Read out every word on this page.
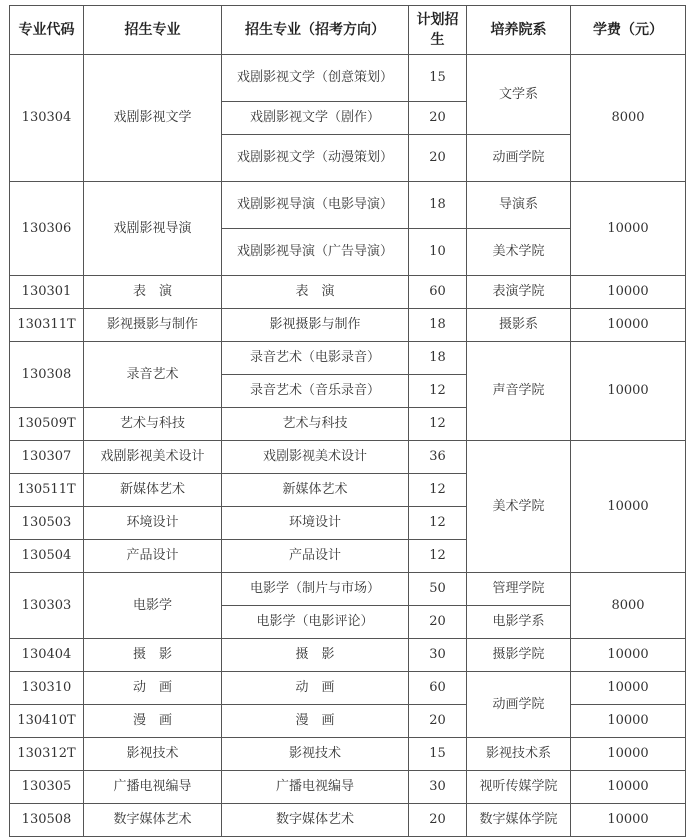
专业代码	招生专业	招生专业（招考方向）	计划招生	培养院系	学费（元）
130304	戏剧影视文学	戏剧影视文学（创意策划）	15	文学系	8000
		戏剧影视文学（剧作）	20		
		戏剧影视文学（动漫策划）	20	动画学院	
130306	戏剧影视导演	戏剧影视导演（电影导演）	18	导演系	10000
		戏剧影视导演（广告导演）	10	美术学院	
130301	表　演	表　演	60	表演学院	10000
130311T	影视摄影与制作	影视摄影与制作	18	摄影系	10000
130308	录音艺术	录音艺术（电影录音）	18	声音学院	10000
		录音艺术（音乐录音）	12		
130509T	艺术与科技	艺术与科技	12		
130307	戏剧影视美术设计	戏剧影视美术设计	36	美术学院	10000
130511T	新媒体艺术	新媒体艺术	12		
130503	环境设计	环境设计	12		
130504	产品设计	产品设计	12		
130303	电影学	电影学（制片与市场）	50	管理学院	8000
		电影学（电影评论）	20	电影学系	
130404	摄　影	摄　影	30	摄影学院	10000
130310	动　画	动　画	60	动画学院	10000
130410T	漫　画	漫　画	20		10000
130312T	影视技术	影视技术	15	影视技术系	10000
130305	广播电视编导	广播电视编导	30	视听传媒学院	10000
130508	数字媒体艺术	数字媒体艺术	20	数字媒体学院	10000
